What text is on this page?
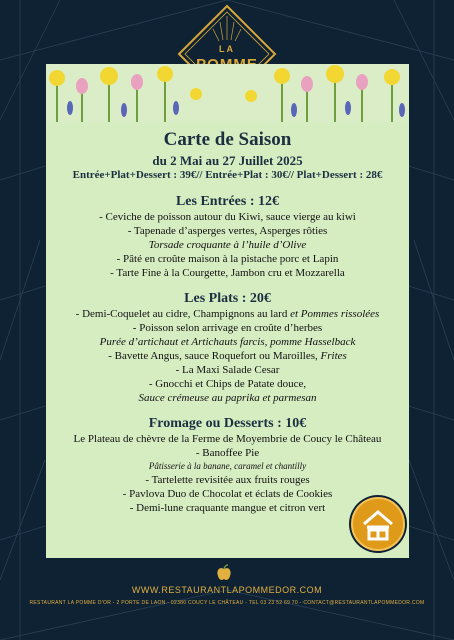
LA
Carte de Saison
du 2 Mai au 27 Juillet 2025
Entrée+Plat+Dessert : 39€// Entrée+Plat : 30€// Plat+Dessert : 28€
Les Entrées : 12€
- Ceviche de poisson autour du Kiwi, sauce vierge au kiwi
- Tapenade d’asperges vertes, Asperges rôties
Torsade croquante à l’huile d’Olive
- Pâté en croûte maison à la pistache porc et Lapin
- Tarte Fine à la Courgette, Jambon cru et Mozzarella
Les Plats : 20€
- Demi-Coquelet au cidre, Champignons au lard et Pommes rissolées
- Poisson selon arrivage en croûte d’herbes
Purée d’artichaut et Artichauts farcis, pomme Hasselback
- Bavette Angus, sauce Roquefort ou Maroilles, Frites
- La Maxi Salade Cesar
- Gnocchi et Chips de Patate douce,
Sauce crémeuse au paprika et parmesan
Fromage ou Desserts : 10€
Le Plateau de chèvre de la Ferme de Moyembrie de Coucy le Château
- Banoffee Pie
Pâtisserie à la banane, caramel et chantilly
- Tartelette revisitée aux fruits rouges
- Pavlova Duo de Chocolat et éclats de Cookies
- Demi-lune craquante mangue et citron vert
WWW.RESTAURANTLAPOMMEDOR.COM
RESTAURANT LA POMME D'OR - 2 PORTE DE LAON - 02380 COUCY LE CHÂTEAU - TEL 03 23 52 69 70 - CONTACT@RESTAURANTLAPOMMEDOR.COM
